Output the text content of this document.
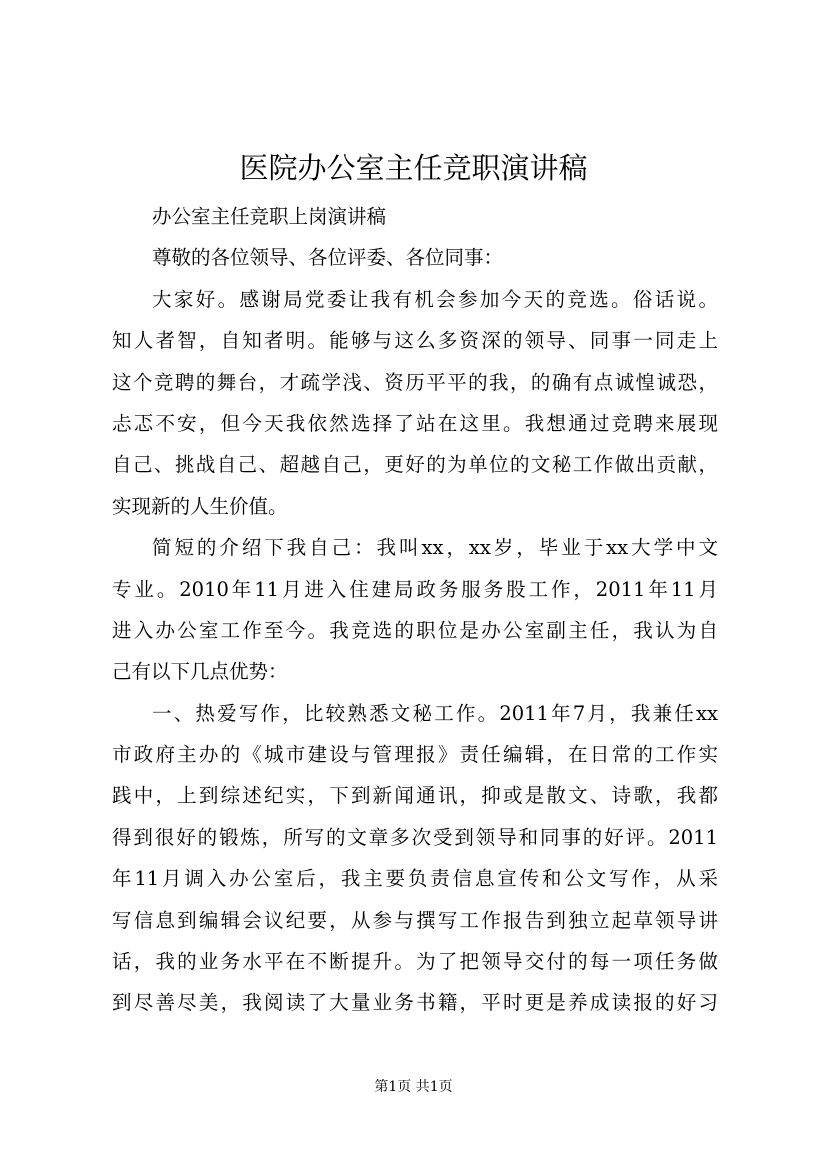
医院办公室主任竞职演讲稿
办公室主任竞职上岗演讲稿
尊敬的各位领导、各位评委、各位同事：
大家好。感谢局党委让我有机会参加今天的竞选。俗话说。
知人者智，自知者明。能够与这么多资深的领导、同事一同走上
这个竞聘的舞台，才疏学浅、资历平平的我，的确有点诚惶诚恐，
忐忑不安，但今天我依然选择了站在这里。我想通过竞聘来展现
自己、挑战自己、超越自己，更好的为单位的文秘工作做出贡献，
实现新的人生价值。
简短的介绍下我自己：我叫xx，xx岁，毕业于xx大学中文
专业。2010年11月进入住建局政务服务股工作，2011年11月
进入办公室工作至今。我竞选的职位是办公室副主任，我认为自
己有以下几点优势：
一、热爱写作，比较熟悉文秘工作。2011年7月，我兼任xx
市政府主办的《城市建设与管理报》责任编辑，在日常的工作实
践中，上到综述纪实，下到新闻通讯，抑或是散文、诗歌，我都
得到很好的锻炼，所写的文章多次受到领导和同事的好评。2011
年11月调入办公室后，我主要负责信息宣传和公文写作，从采
写信息到编辑会议纪要，从参与撰写工作报告到独立起草领导讲
话，我的业务水平在不断提升。为了把领导交付的每一项任务做
到尽善尽美，我阅读了大量业务书籍，平时更是养成读报的好习
第1页 共1页
